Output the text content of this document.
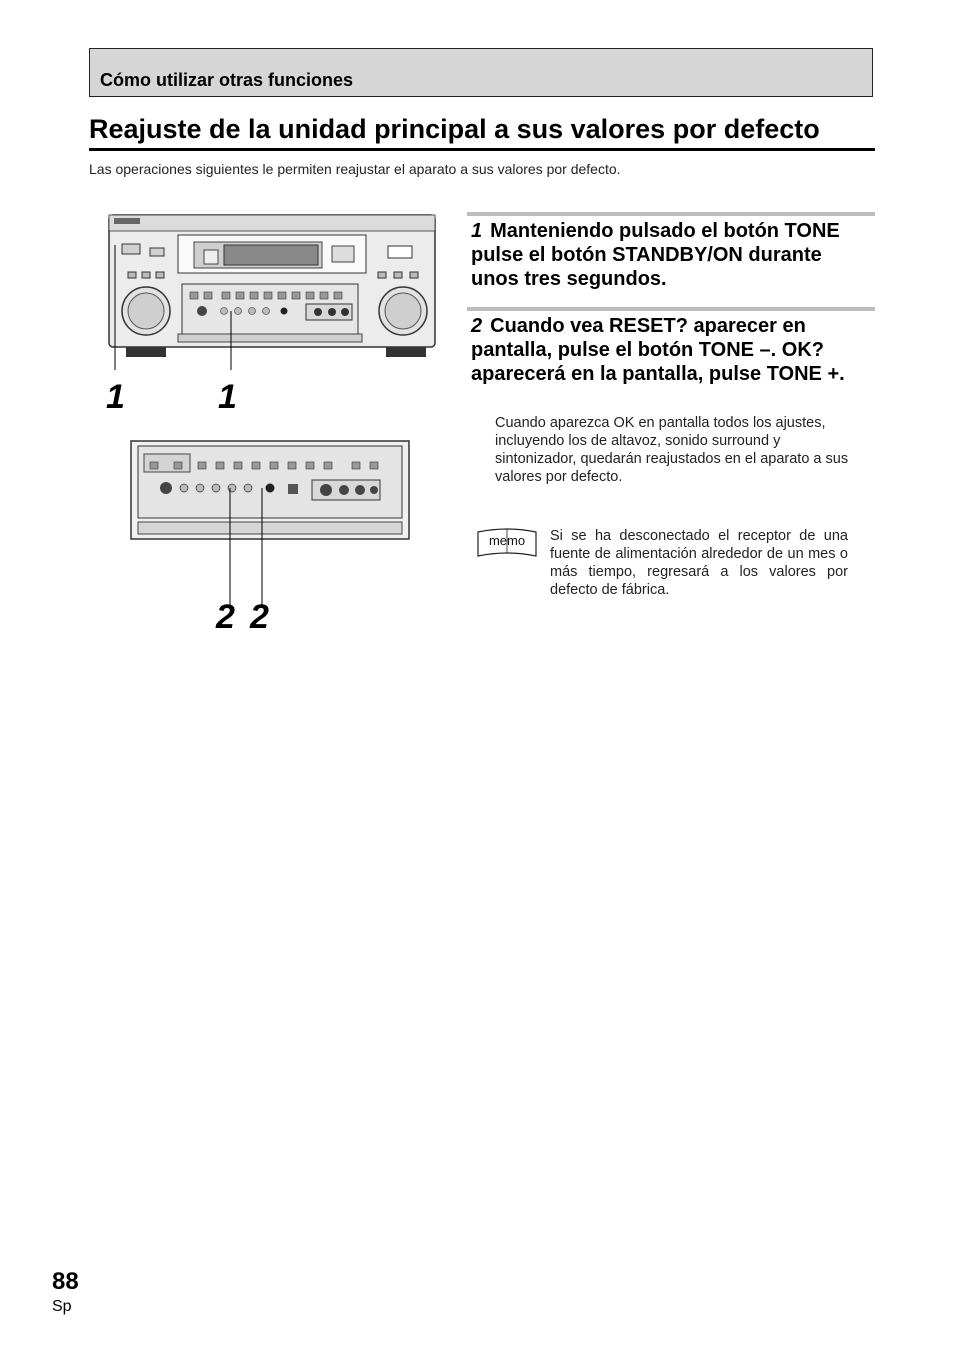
Cómo utilizar otras funciones
Reajuste de la unidad principal a sus valores por defecto

Las operaciones siguientes le permiten reajustar el aparato a sus valores por defecto.

1	1
2 2

1 Manteniendo pulsado el botón TONE pulse el botón STANDBY/ON durante unos tres segundos.

2 Cuando vea RESET? aparecer en pantalla, pulse el botón TONE –. OK? aparecerá en la pantalla, pulse TONE +.

Cuando aparezca OK en pantalla todos los ajustes, incluyendo los de altavoz, sonido surround y sintonizador, quedarán reajustados en el aparato a sus valores por defecto.

memo Si se ha desconectado el receptor de una fuente de alimentación alrededor de un mes o más tiempo, regresará a los valores por defecto de fábrica.

88
Sp
